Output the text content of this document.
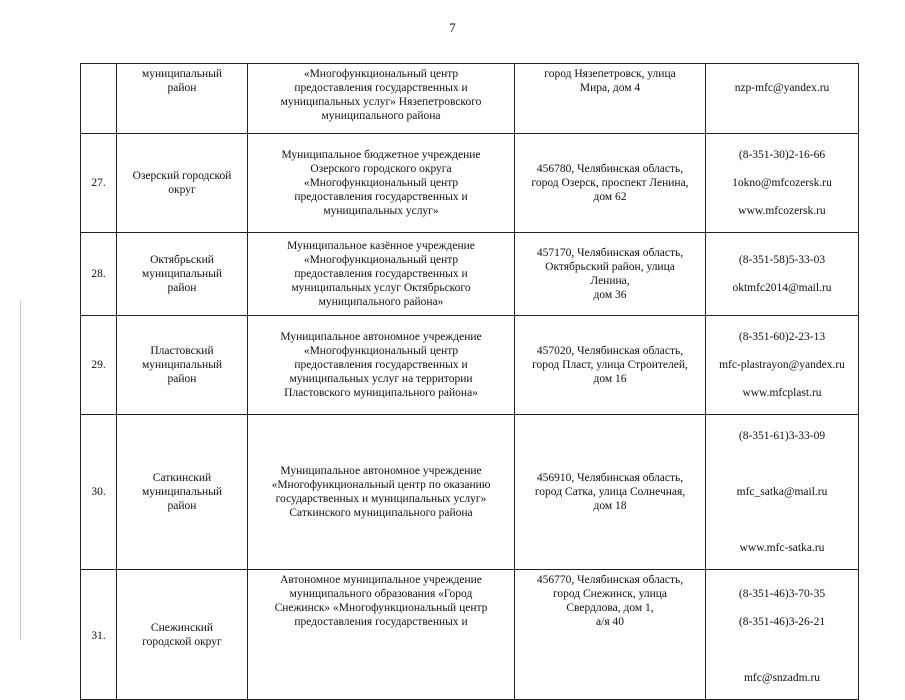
7
	муниципальный
район	«Многофункциональный центр
предоставления государственных и
муниципальных услуг» Нязепетровского
муниципального района	город Нязепетровск, улица
Мира, дом 4	nzp-mfc@yandex.ru

27.	Озерский городской
округ	Муниципальное бюджетное учреждение
Озерского городского округа
«Многофункциональный центр
предоставления государственных и
муниципальных услуг»	456780, Челябинская область,
город Озерск, проспект Ленина,
дом 62	(8-351-30)2-16-66

1okno@mfcozersk.ru

www.mfcozersk.ru

28.	Октябрьский
муниципальный
район	Муниципальное казённое учреждение
«Многофункциональный центр
предоставления государственных и
муниципальных услуг Октябрьского
муниципального района»	457170, Челябинская область,
Октябрьский район, улица
Ленина,
дом 36	(8-351-58)5-33-03

oktmfc2014@mail.ru

29.	Пластовский
муниципальный
район	Муниципальное автономное учреждение
«Многофункциональный центр
предоставления государственных и
муниципальных услуг на территории
Пластовского муниципального района»	457020, Челябинская область,
город Пласт, улица Строителей,
дом 16	(8-351-60)2-23-13

mfc-plastrayon@yandex.ru

www.mfcplast.ru

30.	Саткинский
муниципальный
район	Муниципальное автономное учреждение
«Многофункциональный центр по оказанию
государственных и муниципальных услуг»
Саткинского муниципального района	456910, Челябинская область,
город Сатка, улица Солнечная,
дом 18	(8-351-61)3-33-09

mfc_satka@mail.ru

www.mfc-satka.ru

31.	Снежинский
городской округ	Автономное муниципальное учреждение
муниципального образования «Город
Снежинск» «Многофункциональный центр
предоставления государственных и	456770, Челябинская область,
город Снежинск, улица
Свердлова, дом 1,
а/я 40	(8-351-46)3-70-35

(8-351-46)3-26-21

mfc@snzadm.ru
